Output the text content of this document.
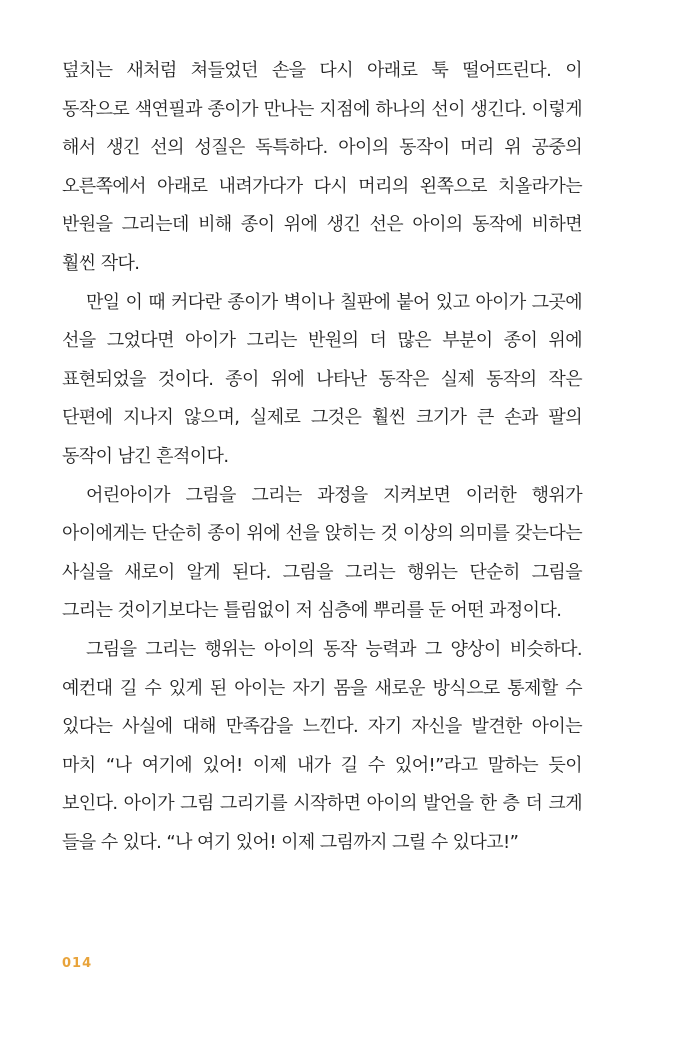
덮치는 새처럼 쳐들었던 손을 다시 아래로 툭 떨어뜨린다. 이 동작으로 색연필과 종이가 만나는 지점에 하나의 선이 생긴다. 이렇게 해서 생긴 선의 성질은 독특하다. 아이의 동작이 머리 위 공중의 오른쪽에서 아래로 내려가다가 다시 머리의 왼쪽으로 치올라가는 반원을 그리는데 비해 종이 위에 생긴 선은 아이의 동작에 비하면 훨씬 작다.

만일 이 때 커다란 종이가 벽이나 칠판에 붙어 있고 아이가 그곳에 선을 그었다면 아이가 그리는 반원의 더 많은 부분이 종이 위에 표현되었을 것이다. 종이 위에 나타난 동작은 실제 동작의 작은 단편에 지나지 않으며, 실제로 그것은 훨씬 크기가 큰 손과 팔의 동작이 남긴 흔적이다.

어린아이가 그림을 그리는 과정을 지켜보면 이러한 행위가 아이에게는 단순히 종이 위에 선을 앉히는 것 이상의 의미를 갖는다는 사실을 새로이 알게 된다. 그림을 그리는 행위는 단순히 그림을 그리는 것이기보다는 틀림없이 저 심층에 뿌리를 둔 어떤 과정이다.

그림을 그리는 행위는 아이의 동작 능력과 그 양상이 비슷하다. 예컨대 길 수 있게 된 아이는 자기 몸을 새로운 방식으로 통제할 수 있다는 사실에 대해 만족감을 느낀다. 자기 자신을 발견한 아이는 마치 “나 여기에 있어! 이제 내가 길 수 있어!”라고 말하는 듯이 보인다. 아이가 그림 그리기를 시작하면 아이의 발언을 한 층 더 크게 들을 수 있다. “나 여기 있어! 이제 그림까지 그릴 수 있다고!”

014
